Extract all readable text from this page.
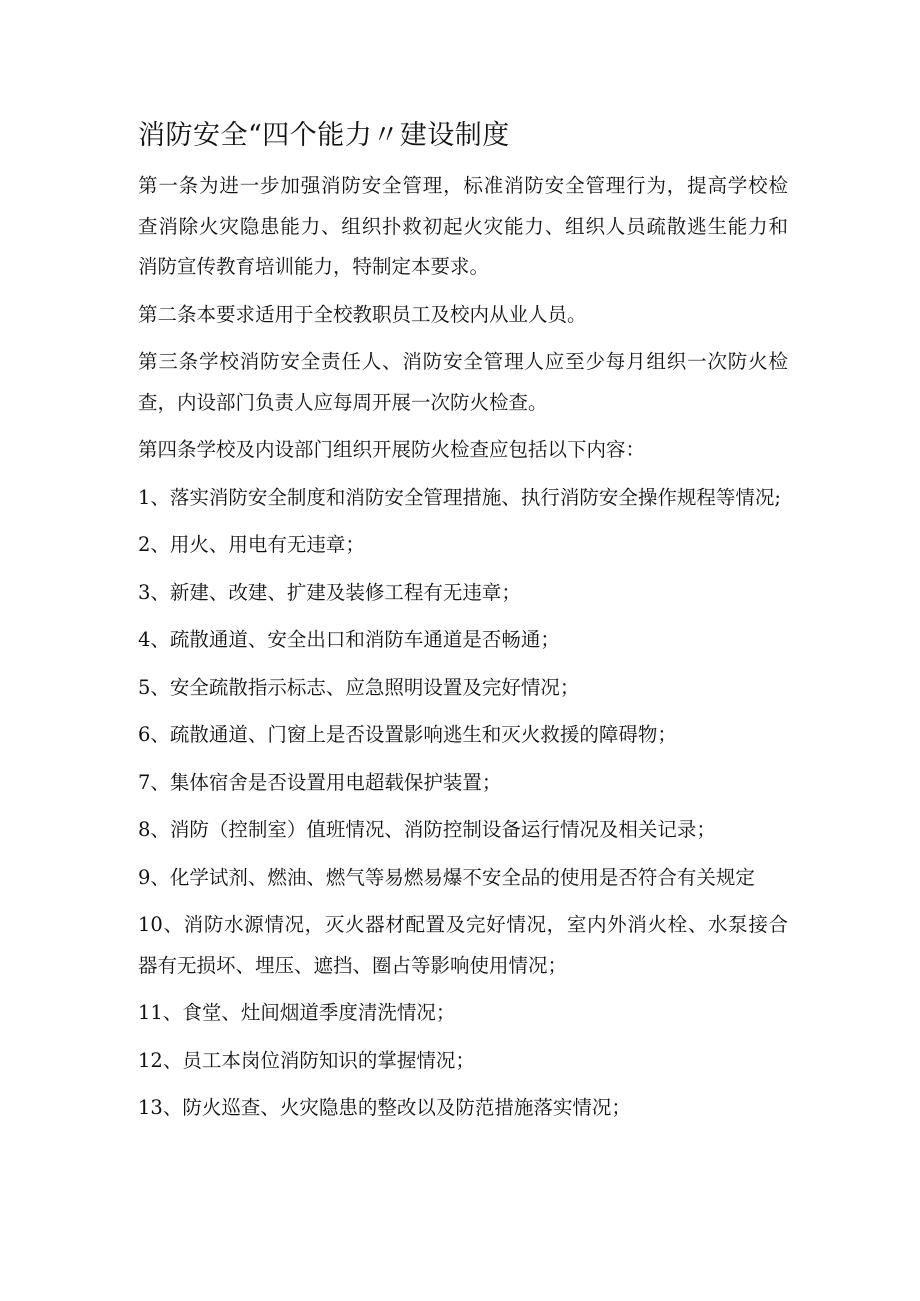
消防安全“四个能力〃建设制度
第一条为进一步加强消防安全管理，标准消防安全管理行为，提高学校检
查消除火灾隐患能力、组织扑救初起火灾能力、组织人员疏散逃生能力和
消防宣传教育培训能力，特制定本要求。
第二条本要求适用于全校教职员工及校内从业人员。
第三条学校消防安全责任人、消防安全管理人应至少每月组织一次防火检
查，内设部门负责人应每周开展一次防火检查。
第四条学校及内设部门组织开展防火检查应包括以下内容：
1、落实消防安全制度和消防安全管理措施、执行消防安全操作规程等情况;
2、用火、用电有无违章；
3、新建、改建、扩建及装修工程有无违章；
4、疏散通道、安全出口和消防车通道是否畅通；
5、安全疏散指示标志、应急照明设置及完好情况；
6、疏散通道、门窗上是否设置影响逃生和灭火救援的障碍物；
7、集体宿舍是否设置用电超载保护装置；
8、消防（控制室）值班情况、消防控制设备运行情况及相关记录；
9、化学试剂、燃油、燃气等易燃易爆不安全品的使用是否符合有关规定
10、消防水源情况，灭火器材配置及完好情况，室内外消火栓、水泵接合
器有无损坏、埋压、遮挡、圈占等影响使用情况；
11、食堂、灶间烟道季度清洗情况；
12、员工本岗位消防知识的掌握情况；
13、防火巡查、火灾隐患的整改以及防范措施落实情况；
